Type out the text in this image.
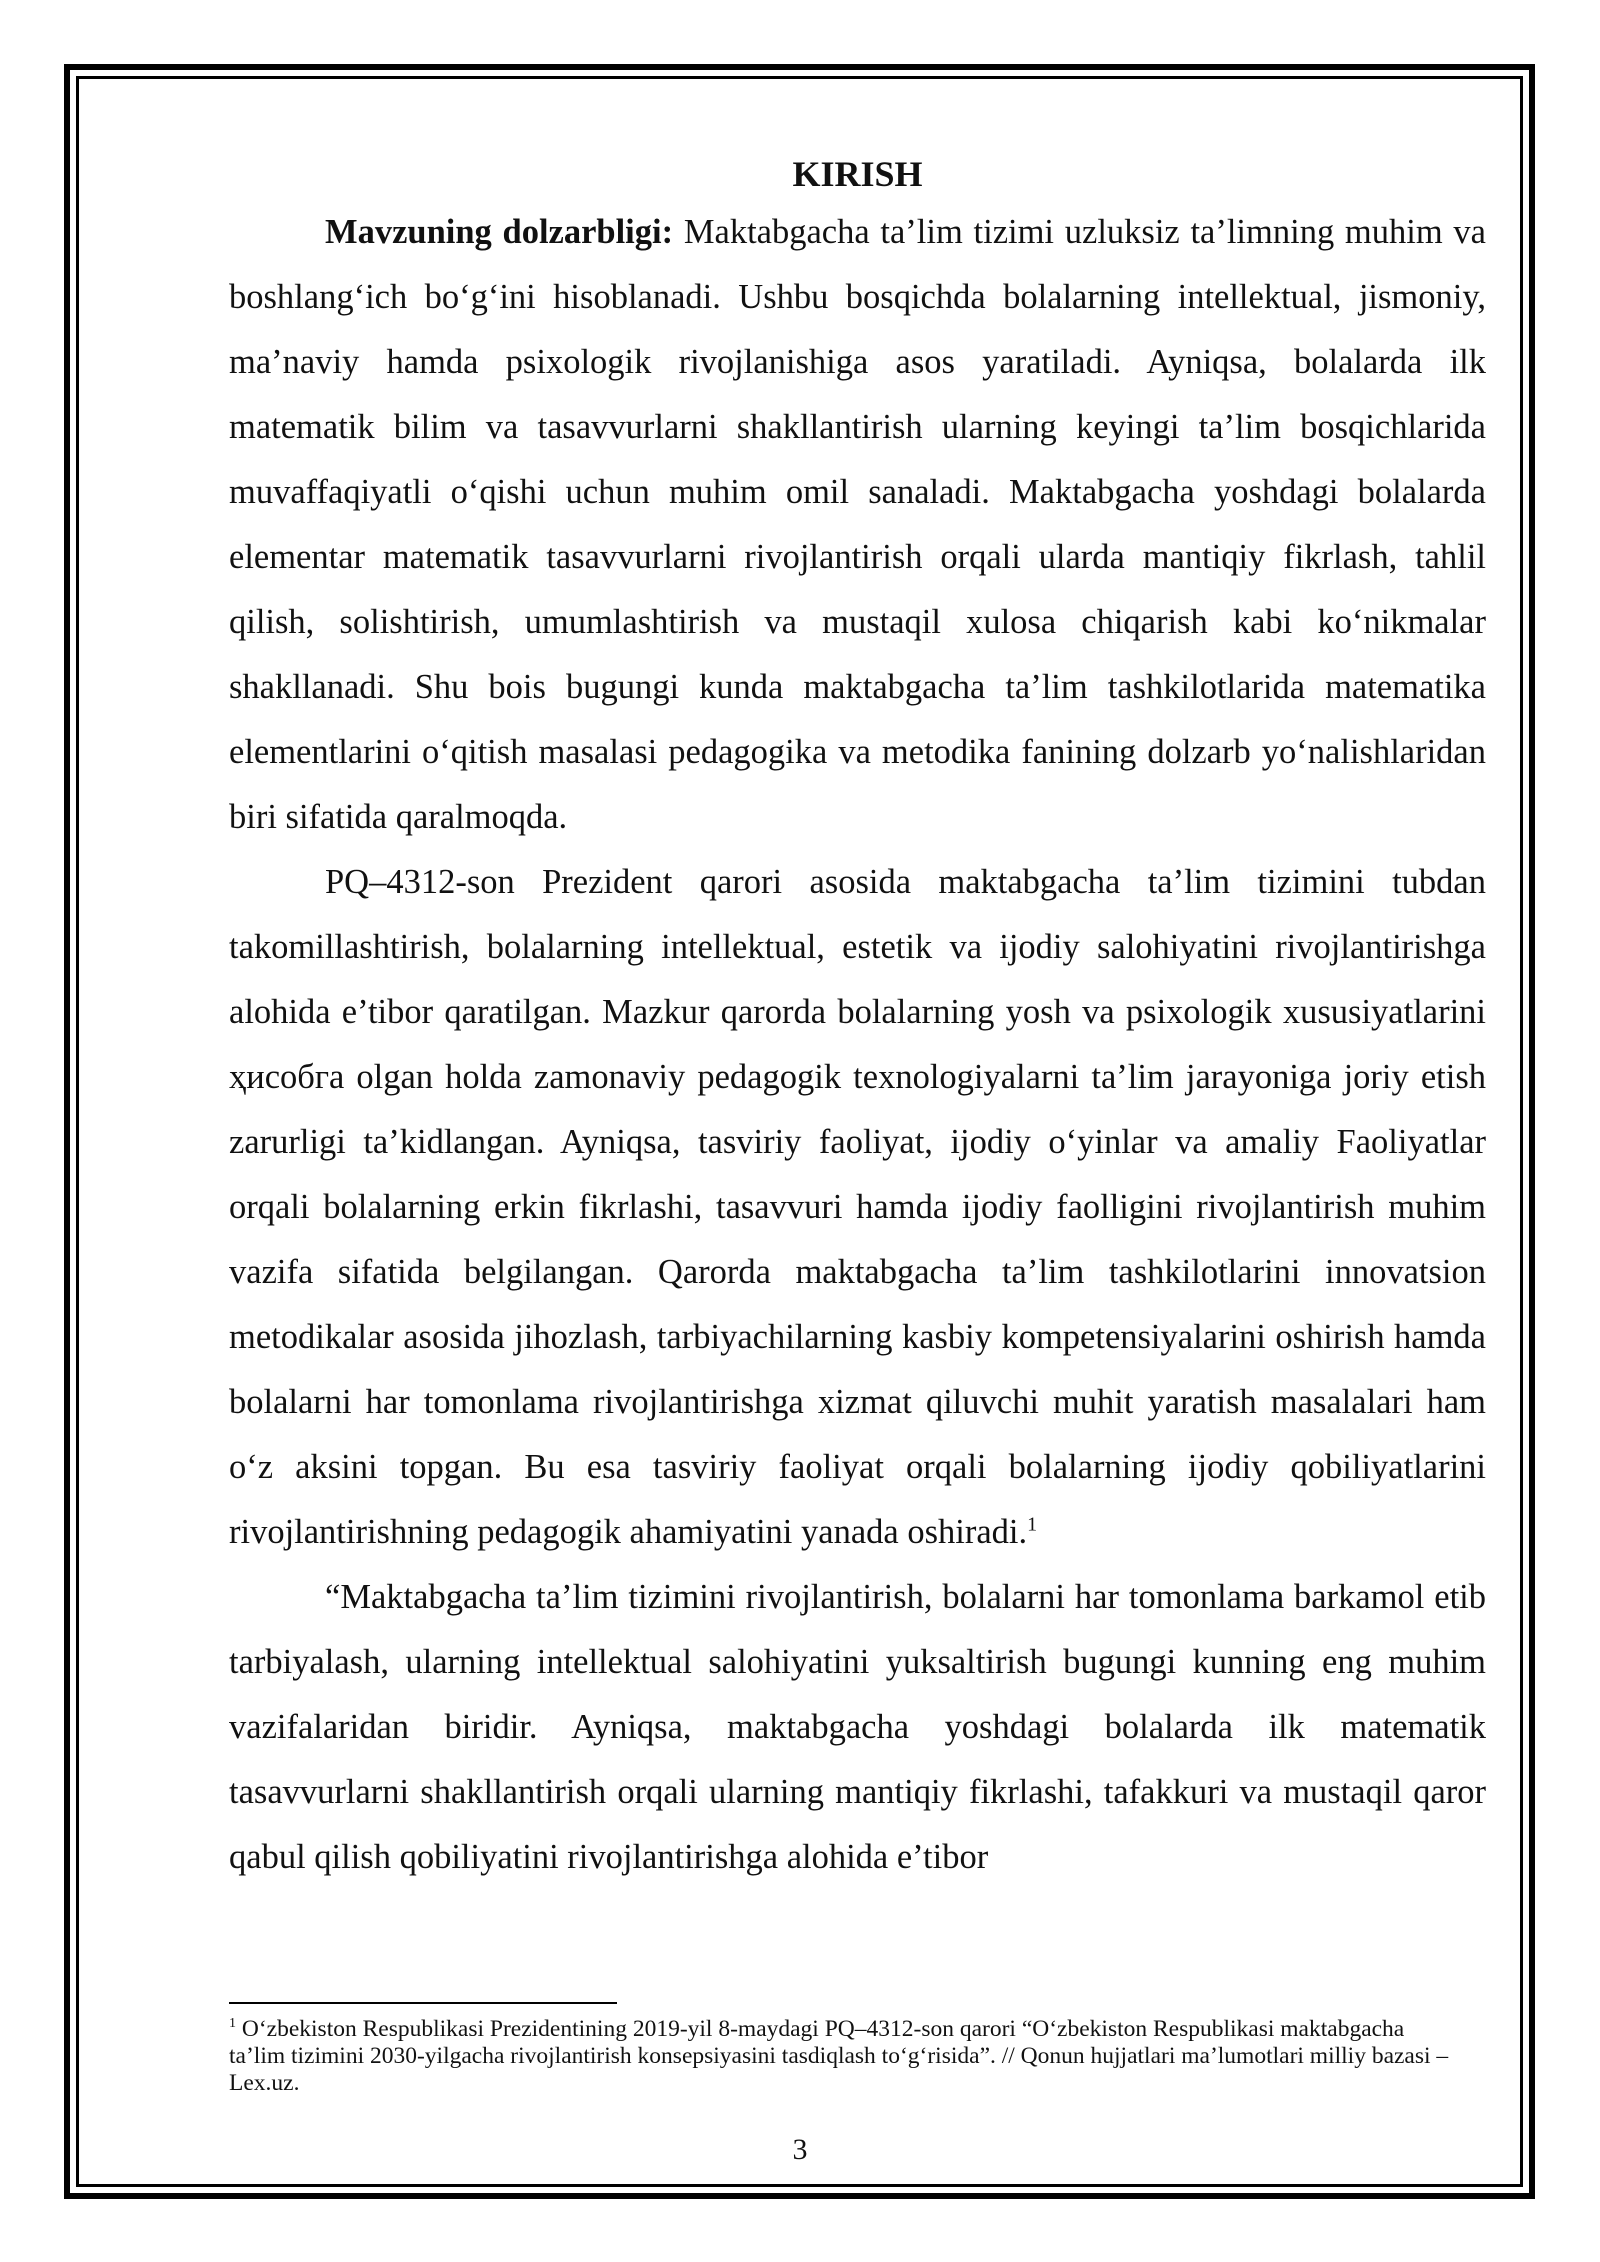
KIRISH

Mavzuning dolzarbligi: Maktabgacha ta’lim tizimi uzluksiz ta’limning muhim va boshlang‘ich bo‘g‘ini hisoblanadi. Ushbu bosqichda bolalarning intellektual, jismoniy, ma’naviy hamda psixologik rivojlanishiga asos yaratiladi. Ayniqsa, bolalarda ilk matematik bilim va tasavvurlarni shakllantirish ularning keyingi ta’lim bosqichlarida muvaffaqiyatli o‘qishi uchun muhim omil sanaladi. Maktabgacha yoshdagi bolalarda elementar matematik tasavvurlarni rivojlantirish orqali ularda mantiqiy fikrlash, tahlil qilish, solishtirish, umumlashtirish va mustaqil xulosa chiqarish kabi ko‘nikmalar shakllanadi. Shu bois bugungi kunda maktabgacha ta’lim tashkilotlarida matematika elementlarini o‘qitish masalasi pedagogika va metodika fanining dolzarb yo‘nalishlaridan biri sifatida qaralmoqda.

PQ–4312-son Prezident qarori asosida maktabgacha ta’lim tizimini tubdan takomillashtirish, bolalarning intellektual, estetik va ijodiy salohiyatini rivojlantirishga alohida e’tibor qaratilgan. Mazkur qarorda bolalarning yosh va psixologik xususiyatlarini ҳисобга olgan holda zamonaviy pedagogik texnologiyalarni ta’lim jarayoniga joriy etish zarurligi ta’kidlangan. Ayniqsa, tasviriy faoliyat, ijodiy o‘yinlar va amaliy Faoliyatlar orqali bolalarning erkin fikrlashi, tasavvuri hamda ijodiy faolligini rivojlantirish muhim vazifa sifatida belgilangan. Qarorda maktabgacha ta’lim tashkilotlarini innovatsion metodikalar asosida jihozlash, tarbiyachilarning kasbiy kompetensiyalarini oshirish hamda bolalarni har tomonlama rivojlantirishga xizmat qiluvchi muhit yaratish masalalari ham o‘z aksini topgan. Bu esa tasviriy faoliyat orqali bolalarning ijodiy qobiliyatlarini rivojlantirishning pedagogik ahamiyatini yanada oshiradi.$^1$

“Maktabgacha ta’lim tizimini rivojlantirish, bolalarni har tomonlama barkamol etib tarbiyalash, ularning intellektual salohiyatini yuksaltirish bugungi kunning eng muhim vazifalaridan biridir. Ayniqsa, maktabgacha yoshdagi bolalarda ilk matematik tasavvurlarni shakllantirish orqali ularning mantiqiy fikrlashi, tafakkuri va mustaqil qaror qabul qilish qobiliyatini rivojlantirishga alohida e’tibor

$^1$ O‘zbekiston Respublikasi Prezidentining 2019-yil 8-maydagi PQ–4312-son qarori “O‘zbekiston Respublikasi maktabgacha ta’lim tizimini 2030-yilgacha rivojlantirish konsepsiyasini tasdiqlash to‘g‘risida”. // Qonun hujjatlari ma’lumotlari milliy bazasi – Lex.uz.

3
